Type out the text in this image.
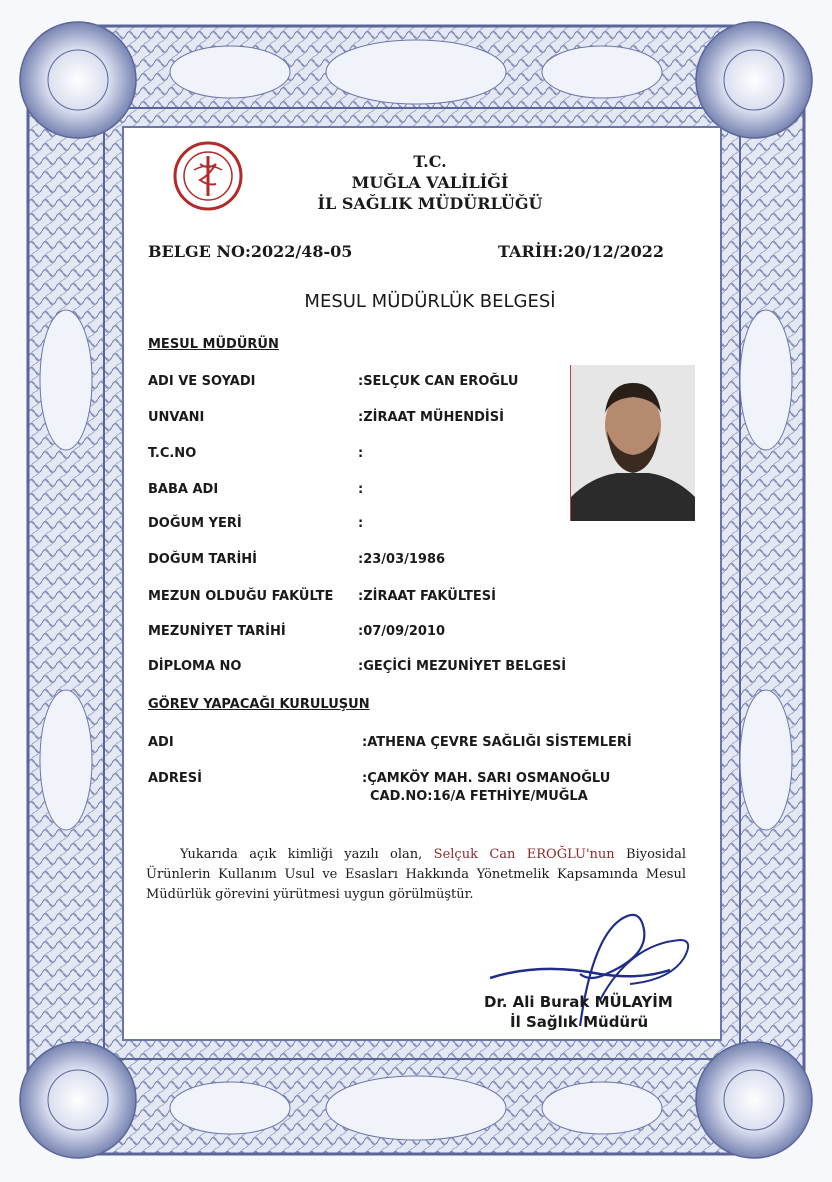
T.C.
MUĞLA VALİLİĞİ
İL SAĞLIK MÜDÜRLÜĞÜ
BELGE NO:2022/48-05	TARİH:20/12/2022
MESUL MÜDÜRLÜK BELGESİ
MESUL MÜDÜRÜN
ADI VE SOYADI	:SELÇUK CAN EROĞLU
UNVANI	:ZİRAAT MÜHENDİSİ
T.C.NO	:
BABA ADI	:
DOĞUM YERİ	:
DOĞUM TARİHİ	:23/03/1986
MEZUN OLDUĞU FAKÜLTE :ZİRAAT FAKÜLTESİ
MEZUNİYET TARİHİ	:07/09/2010
DİPLOMA NO	:GEÇİCİ MEZUNİYET BELGESİ
GÖREV YAPACAĞI KURULUŞUN
ADI	:ATHENA ÇEVRE SAĞLIĞI SİSTEMLERİ
ADRESİ	:ÇAMKÖY MAH. SARI OSMANOĞLU
CAD.NO:16/A FETHİYE/MUĞLA
Yukarıda açık kimliği yazılı olan, Selçuk Can EROĞLU'nun Biyosidal Ürünlerin Kullanım Usul ve Esasları Hakkında Yönetmelik Kapsamında Mesul Müdürlük görevini yürütmesi uygun görülmüştür.
Dr. Ali Burak MÜLAYİM
İl Sağlık Müdürü
